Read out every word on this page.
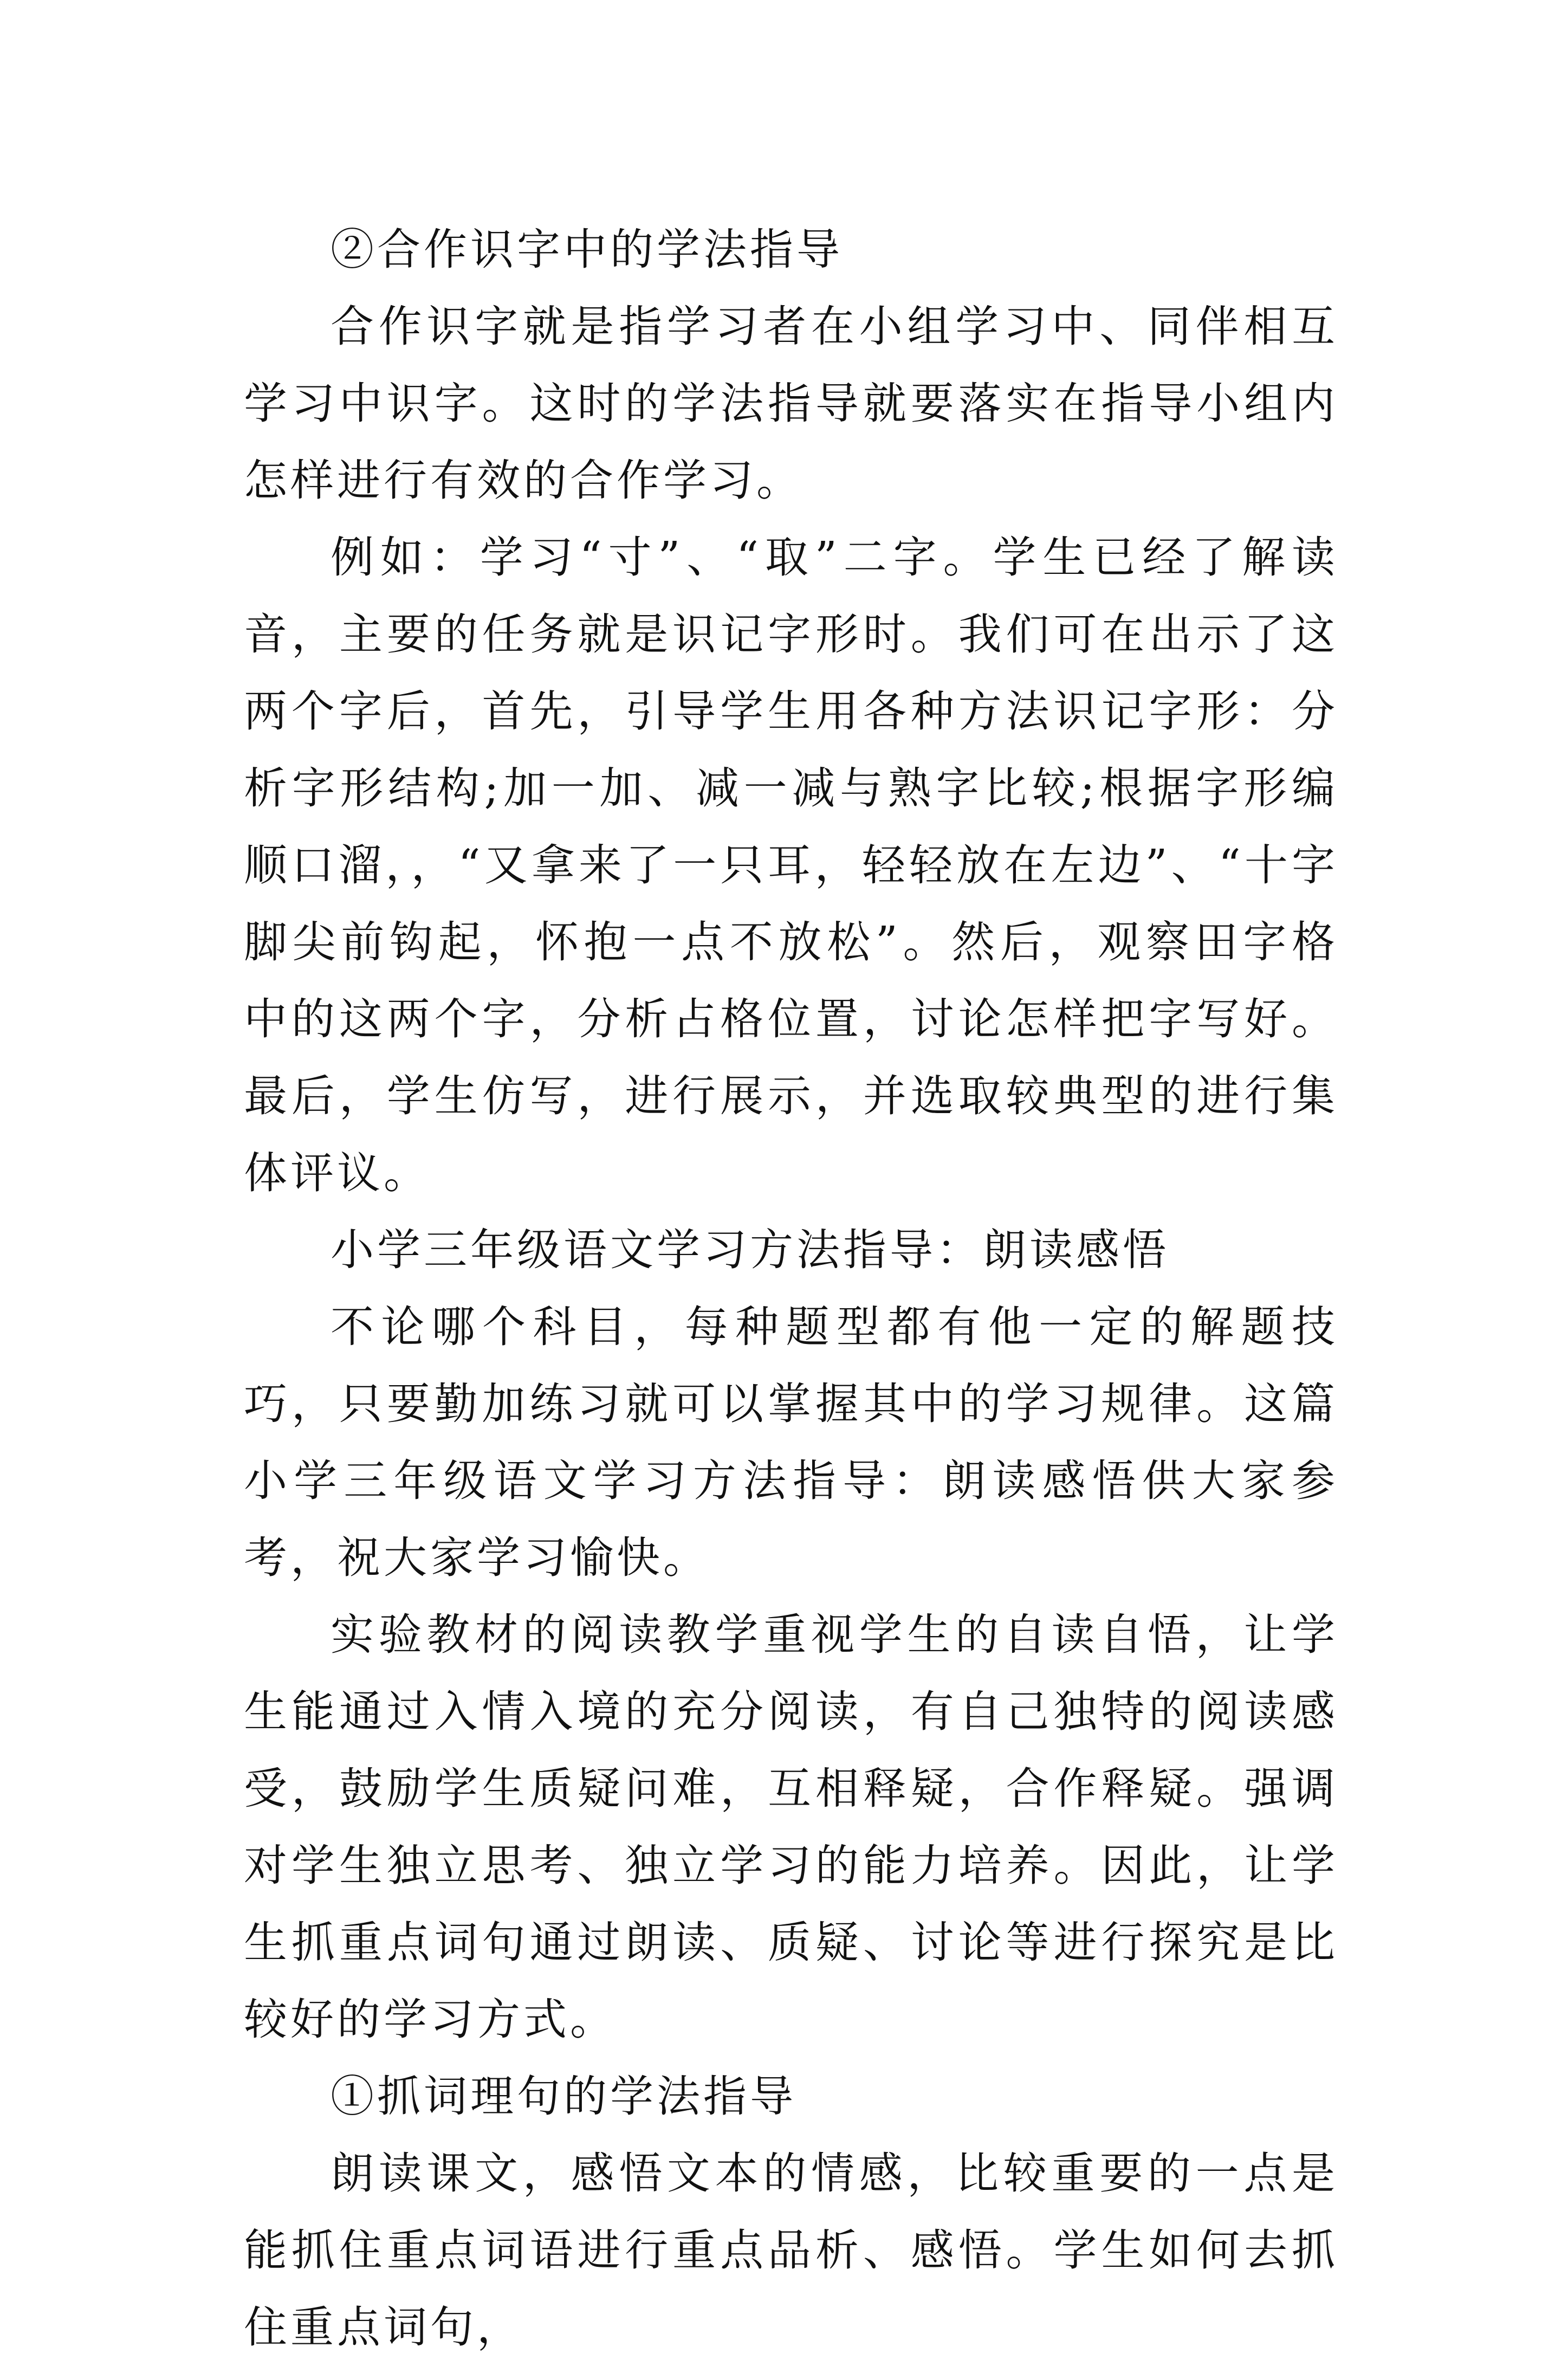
②合作识字中的学法指导

合作识字就是指学习者在小组学习中、同伴相互学习中识字。这时的学法指导就要落实在指导小组内怎样进行有效的合作学习。

例如：学习“寸”、“取”二字。学生已经了解读音，主要的任务就是识记字形时。我们可在出示了这两个字后，首先，引导学生用各种方法识记字形：分析字形结构;加一加、减一减与熟字比较;根据字形编顺口溜，，“又拿来了一只耳，轻轻放在左边”、“十字脚尖前钩起，怀抱一点不放松”。然后，观察田字格中的这两个字，分析占格位置，讨论怎样把字写好。最后，学生仿写，进行展示，并选取较典型的进行集体评议。

小学三年级语文学习方法指导：朗读感悟

不论哪个科目，每种题型都有他一定的解题技巧，只要勤加练习就可以掌握其中的学习规律。这篇小学三年级语文学习方法指导：朗读感悟供大家参考，祝大家学习愉快。

实验教材的阅读教学重视学生的自读自悟，让学生能通过入情入境的充分阅读，有自己独特的阅读感受，鼓励学生质疑问难，互相释疑，合作释疑。强调对学生独立思考、独立学习的能力培养。因此，让学生抓重点词句通过朗读、质疑、讨论等进行探究是比较好的学习方式。

①抓词理句的学法指导

朗读课文，感悟文本的情感，比较重要的一点是能抓住重点词语进行重点品析、感悟。学生如何去抓住重点词句，
